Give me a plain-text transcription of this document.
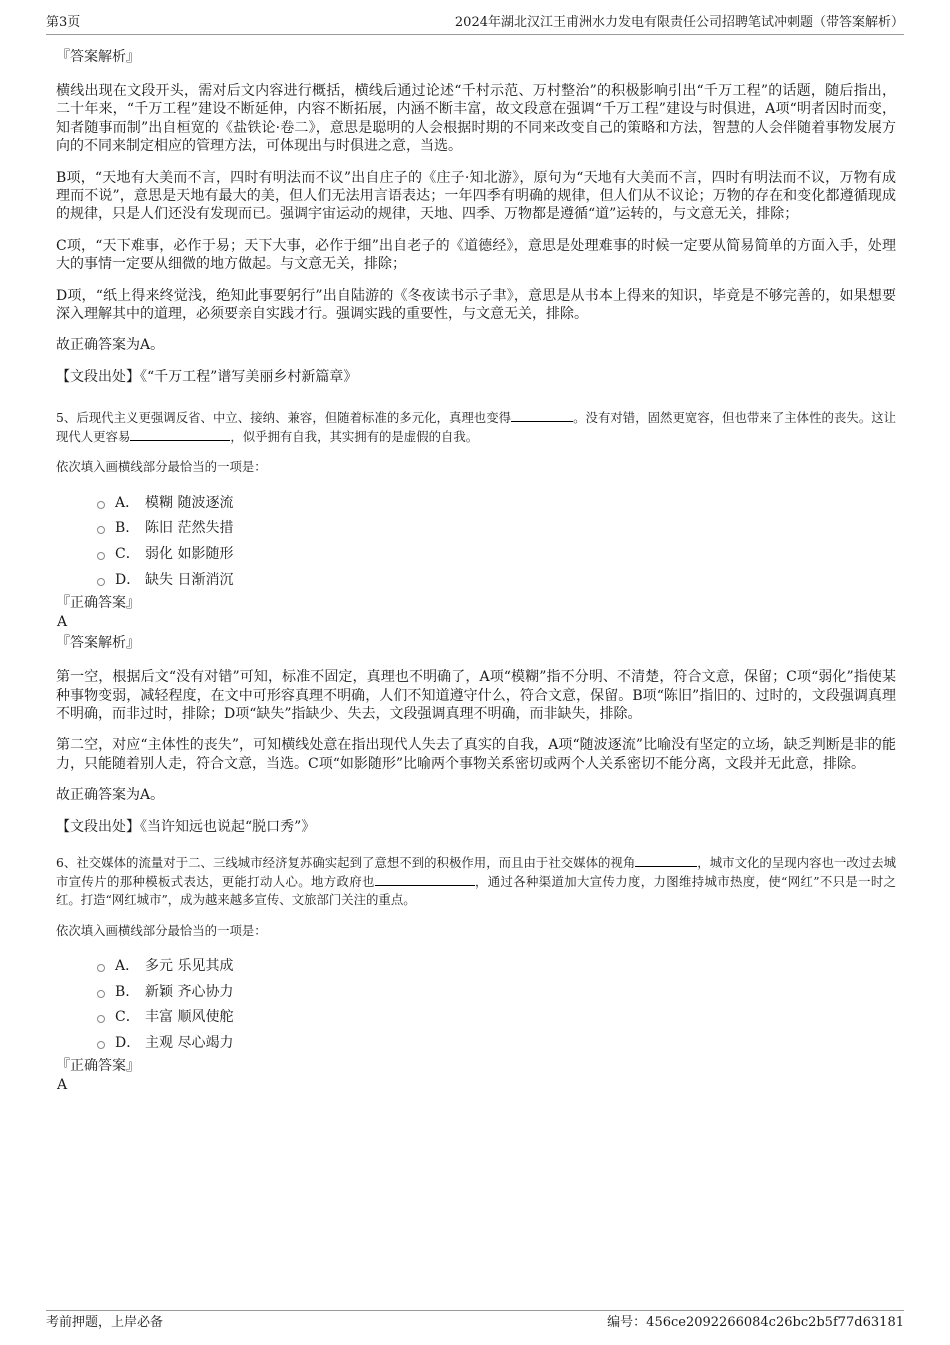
第3页	2024年湖北汉江王甫洲水力发电有限责任公司招聘笔试冲刺题（带答案解析）
『答案解析』

横线出现在文段开头，需对后文内容进行概括，横线后通过论述“千村示范、万村整治”的积极影响引出“千万工程”的话题，随后指出，二十年来，“千万工程”建设不断延伸，内容不断拓展，内涵不断丰富，故文段意在强调“千万工程”建设与时俱进，A项“明者因时而变，知者随事而制”出自桓宽的《盐铁论·卷二》，意思是聪明的人会根据时期的不同来改变自己的策略和方法，智慧的人会伴随着事物发展方向的不同来制定相应的管理方法，可体现出与时俱进之意，当选。

B项，“天地有大美而不言，四时有明法而不议”出自庄子的《庄子·知北游》，原句为“天地有大美而不言，四时有明法而不议，万物有成理而不说”，意思是天地有最大的美，但人们无法用言语表达；一年四季有明确的规律，但人们从不议论；万物的存在和变化都遵循现成的规律，只是人们还没有发现而已。强调宇宙运动的规律，天地、四季、万物都是遵循“道”运转的，与文意无关，排除；

C项，“天下难事，必作于易；天下大事，必作于细”出自老子的《道德经》，意思是处理难事的时候一定要从简易简单的方面入手，处理大的事情一定要从细微的地方做起。与文意无关，排除；

D项，“纸上得来终觉浅，绝知此事要躬行”出自陆游的《冬夜读书示子聿》，意思是从书本上得来的知识，毕竟是不够完善的，如果想要深入理解其中的道理，必须要亲自实践才行。强调实践的重要性，与文意无关，排除。

故正确答案为A。

【文段出处】《“千万工程”谱写美丽乡村新篇章》

5、后现代主义更强调反省、中立、接纳、兼容，但随着标准的多元化，真理也变得	。没有对错，固然更宽容，但也带来了主体性的丧失。这让现代人更容易	，似乎拥有自我，其实拥有的是虚假的自我。

依次填入画横线部分最恰当的一项是：

A． 模糊 随波逐流
B. 陈旧 茫然失措
C． 弱化 如影随形
D． 缺失 日渐消沉
『正确答案』
A
『答案解析』

第一空，根据后文“没有对错”可知，标准不固定，真理也不明确了，A项“模糊”指不分明、不清楚，符合文意，保留；C项“弱化”指使某种事物变弱，减轻程度，在文中可形容真理不明确，人们不知道遵守什么，符合文意，保留。B项“陈旧”指旧的、过时的，文段强调真理不明确，而非过时，排除；D项“缺失”指缺少、失去，文段强调真理不明确，而非缺失，排除。

第二空，对应“主体性的丧失”，可知横线处意在指出现代人失去了真实的自我，A项“随波逐流”比喻没有坚定的立场，缺乏判断是非的能力，只能随着别人走，符合文意，当选。C项“如影随形”比喻两个事物关系密切或两个人关系密切不能分离，文段并无此意，排除。

故正确答案为A。

【文段出处】《当许知远也说起“脱口秀”》

6、社交媒体的流量对于二、三线城市经济复苏确实起到了意想不到的积极作用，而且由于社交媒体的视角	，城市文化的呈现内容也一改过去城市宣传片的那种模板式表达，更能打动人心。地方政府也	，通过各种渠道加大宣传力度，力图维持城市热度，使“网红”不只是一时之红。打造“网红城市”，成为越来越多宣传、文旅部门关注的重点。

依次填入画横线部分最恰当的一项是：

A． 多元 乐见其成
B. 新颖 齐心协力
C． 丰富 顺风使舵
D． 主观 尽心竭力
『正确答案』
A
考前押题，上岸必备	编号：456ce2092266084c26bc2b5f77d63181
